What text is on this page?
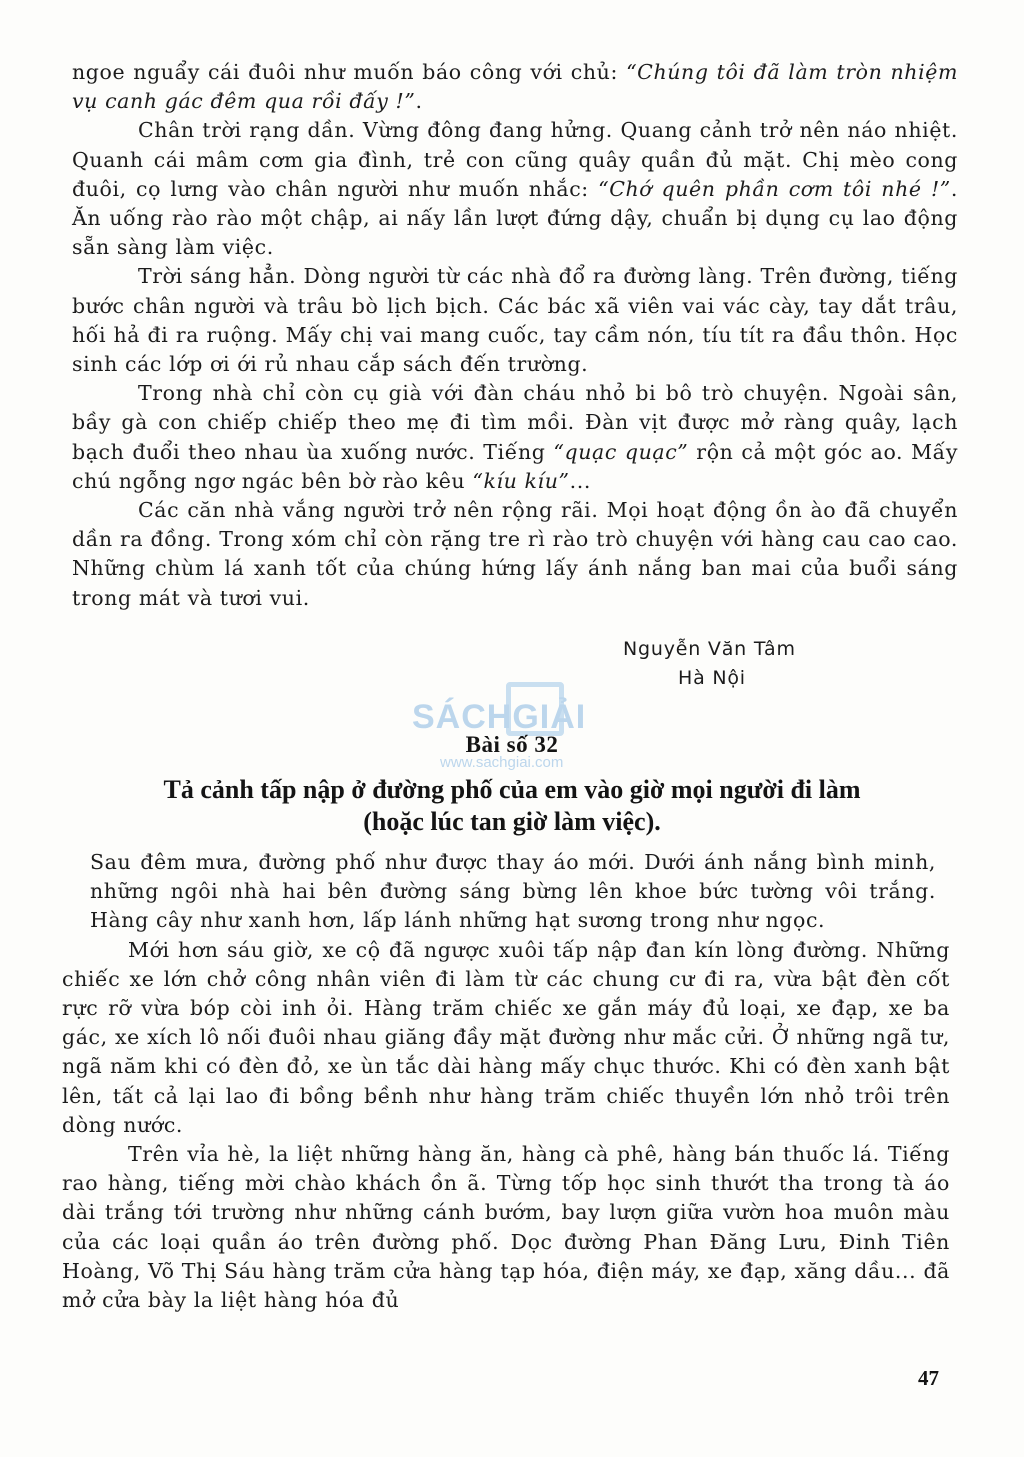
ngoe nguẩy cái đuôi như muốn báo công với chủ: “Chúng tôi đã làm tròn nhiệm vụ canh gác đêm qua rồi đấy !”.

Chân trời rạng dần. Vừng đông đang hửng. Quang cảnh trở nên náo nhiệt. Quanh cái mâm cơm gia đình, trẻ con cũng quây quần đủ mặt. Chị mèo cong đuôi, cọ lưng vào chân người như muốn nhắc: “Chớ quên phần cơm tôi nhé !”. Ăn uống rào rào một chập, ai nấy lần lượt đứng dậy, chuẩn bị dụng cụ lao động sẵn sàng làm việc.

Trời sáng hẳn. Dòng người từ các nhà đổ ra đường làng. Trên đường, tiếng bước chân người và trâu bò lịch bịch. Các bác xã viên vai vác cày, tay dắt trâu, hối hả đi ra ruộng. Mấy chị vai mang cuốc, tay cầm nón, tíu tít ra đầu thôn. Học sinh các lớp ơi ới rủ nhau cắp sách đến trường.

Trong nhà chỉ còn cụ già với đàn cháu nhỏ bi bô trò chuyện. Ngoài sân, bầy gà con chiếp chiếp theo mẹ đi tìm mồi. Đàn vịt được mở ràng quây, lạch bạch đuổi theo nhau ùa xuống nước. Tiếng “quạc quạc” rộn cả một góc ao. Mấy chú ngỗng ngơ ngác bên bờ rào kêu “kíu kíu”...

Các căn nhà vắng người trở nên rộng rãi. Mọi hoạt động ồn ào đã chuyển dần ra đồng. Trong xóm chỉ còn rặng tre rì rào trò chuyện với hàng cau cao cao. Những chùm lá xanh tốt của chúng hứng lấy ánh nắng ban mai của buổi sáng trong mát và tươi vui.

Nguyễn Văn Tâm
Hà Nội
SÁCHGIẢI
www.sachgiai.com
Bài số 32
Tả cảnh tấp nập ở đường phố của em vào giờ mọi người đi làm
(hoặc lúc tan giờ làm việc).

Sau đêm mưa, đường phố như được thay áo mới. Dưới ánh nắng bình minh, những ngôi nhà hai bên đường sáng bừng lên khoe bức tường vôi trắng. Hàng cây như xanh hơn, lấp lánh những hạt sương trong như ngọc.

Mới hơn sáu giờ, xe cộ đã ngược xuôi tấp nập đan kín lòng đường. Những chiếc xe lớn chở công nhân viên đi làm từ các chung cư đi ra, vừa bật đèn cốt rực rỡ vừa bóp còi inh ỏi. Hàng trăm chiếc xe gắn máy đủ loại, xe đạp, xe ba gác, xe xích lô nối đuôi nhau giăng đầy mặt đường như mắc cửi. Ở những ngã tư, ngã năm khi có đèn đỏ, xe ùn tắc dài hàng mấy chục thước. Khi có đèn xanh bật lên, tất cả lại lao đi bồng bềnh như hàng trăm chiếc thuyền lớn nhỏ trôi trên dòng nước.

Trên vỉa hè, la liệt những hàng ăn, hàng cà phê, hàng bán thuốc lá. Tiếng rao hàng, tiếng mời chào khách ồn ã. Từng tốp học sinh thướt tha trong tà áo dài trắng tới trường như những cánh bướm, bay lượn giữa vườn hoa muôn màu của các loại quần áo trên đường phố. Dọc đường Phan Đăng Lưu, Đinh Tiên Hoàng, Võ Thị Sáu hàng trăm cửa hàng tạp hóa, điện máy, xe đạp, xăng dầu... đã mở cửa bày la liệt hàng hóa đủ

47
